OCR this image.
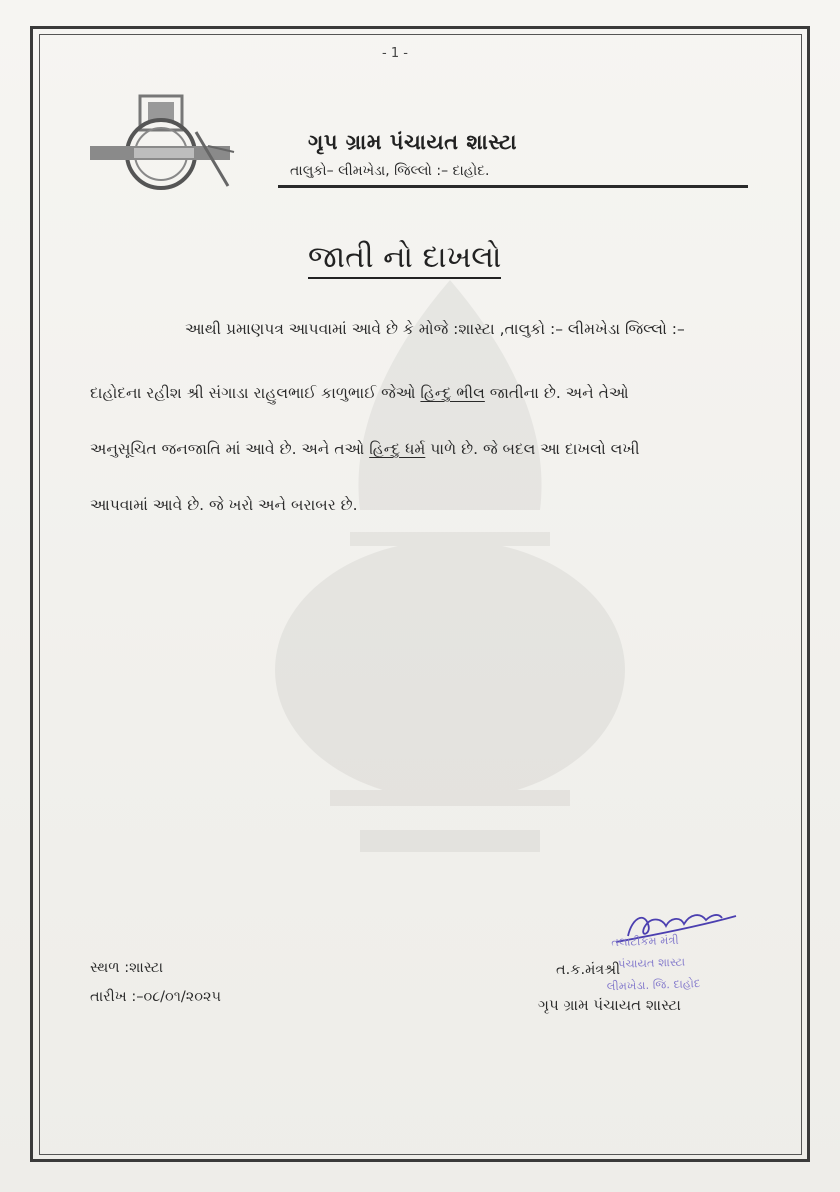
- 1 -
ગૃપ ગ્રામ પંચાયત શાસ્ટા
તાલુકો– લીમખેડા, જિલ્લો :– દાહોદ.
જાતી નો દાખલો
આથી પ્રમાણપત્ર આપવામાં આવે છે કે મોજે :શાસ્ટા ,તાલુકો :– લીમખેડા જિલ્લો :–
દાહોદના રહીશ શ્રી સંગાડા રાહુલભાઈ કાળુભાઈ જેઓ હિન્દુ ભીલ જાતીના છે. અને તેઓ
અનુસૂચિત જનજાતિ માં આવે છે. અને તઓ હિન્દુ ધર્મ પાળે છે. જે બદલ આ દાખલો લખી
આપવામાં આવે છે. જે ખરો અને બરાબર છે.
સ્થળ :શાસ્ટા
તારીખ :–૦૮/૦૧/૨૦૨૫
તલાટીકમ મંત્રી
પંચાયત શાસ્ટા
લીમખેડા. જિ. દાહોદ
ત.ક.મંત્રશ્રી
ગૃપ ગ્રામ પંચાયત શાસ્ટા
